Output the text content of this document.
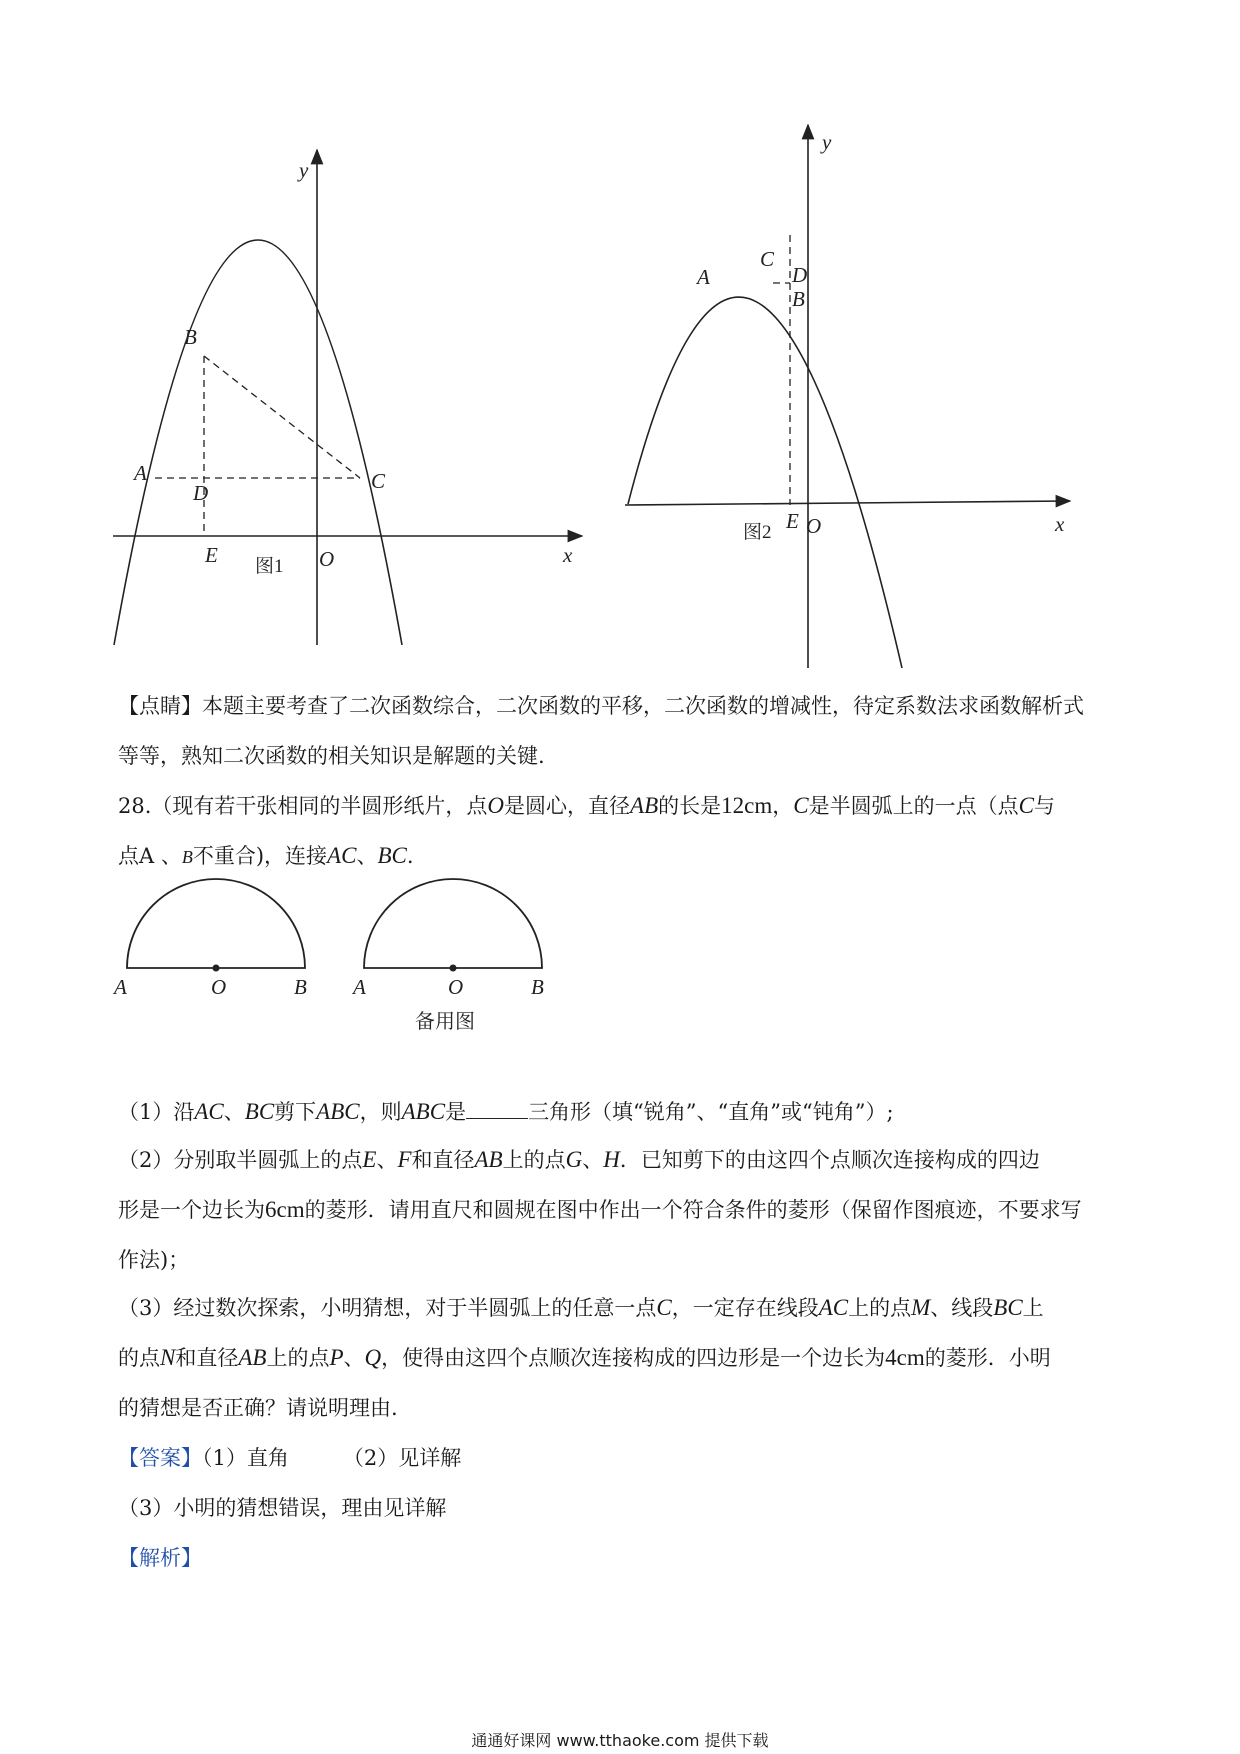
y
x
B
A	C
D
E	O
图1
y
x
A
C
D
B
E O
图2
A	O	B A	O	B
备用图
【点睛】本题主要考查了二次函数综合，二次函数的平移，二次函数的增减性，待定系数法求函数解析式
等等，熟知二次函数的相关知识是解题的关键.
28.（现有若干张相同的半圆形纸片，点O是圆心，直径AB的长是12cm，C是半圆弧上的一点（点C与
点A 、B不重合)，连接AC、BC.
（1）沿AC、BC剪下ABC，则ABC是	三角形（填“锐角”、“直角”或“钝角”）;
（2）分别取半圆弧上的点E、F和直径AB上的点G、H．已知剪下的由这四个点顺次连接构成的四边
形是一个边长为6cm的菱形．请用直尺和圆规在图中作出一个符合条件的菱形（保留作图痕迹，不要求写
作法)；
（3）经过数次探索，小明猜想，对于半圆弧上的任意一点C，一定存在线段AC上的点M、线段BC上
的点N和直径AB上的点P、Q，使得由这四个点顺次连接构成的四边形是一个边长为4cm的菱形．小明
的猜想是否正确？请说明理由.
【答案】（1）直角	（2）见详解
（3）小明的猜想错误，理由见详解
【解析】
通通好课网 www.tthaoke.com 提供下载
